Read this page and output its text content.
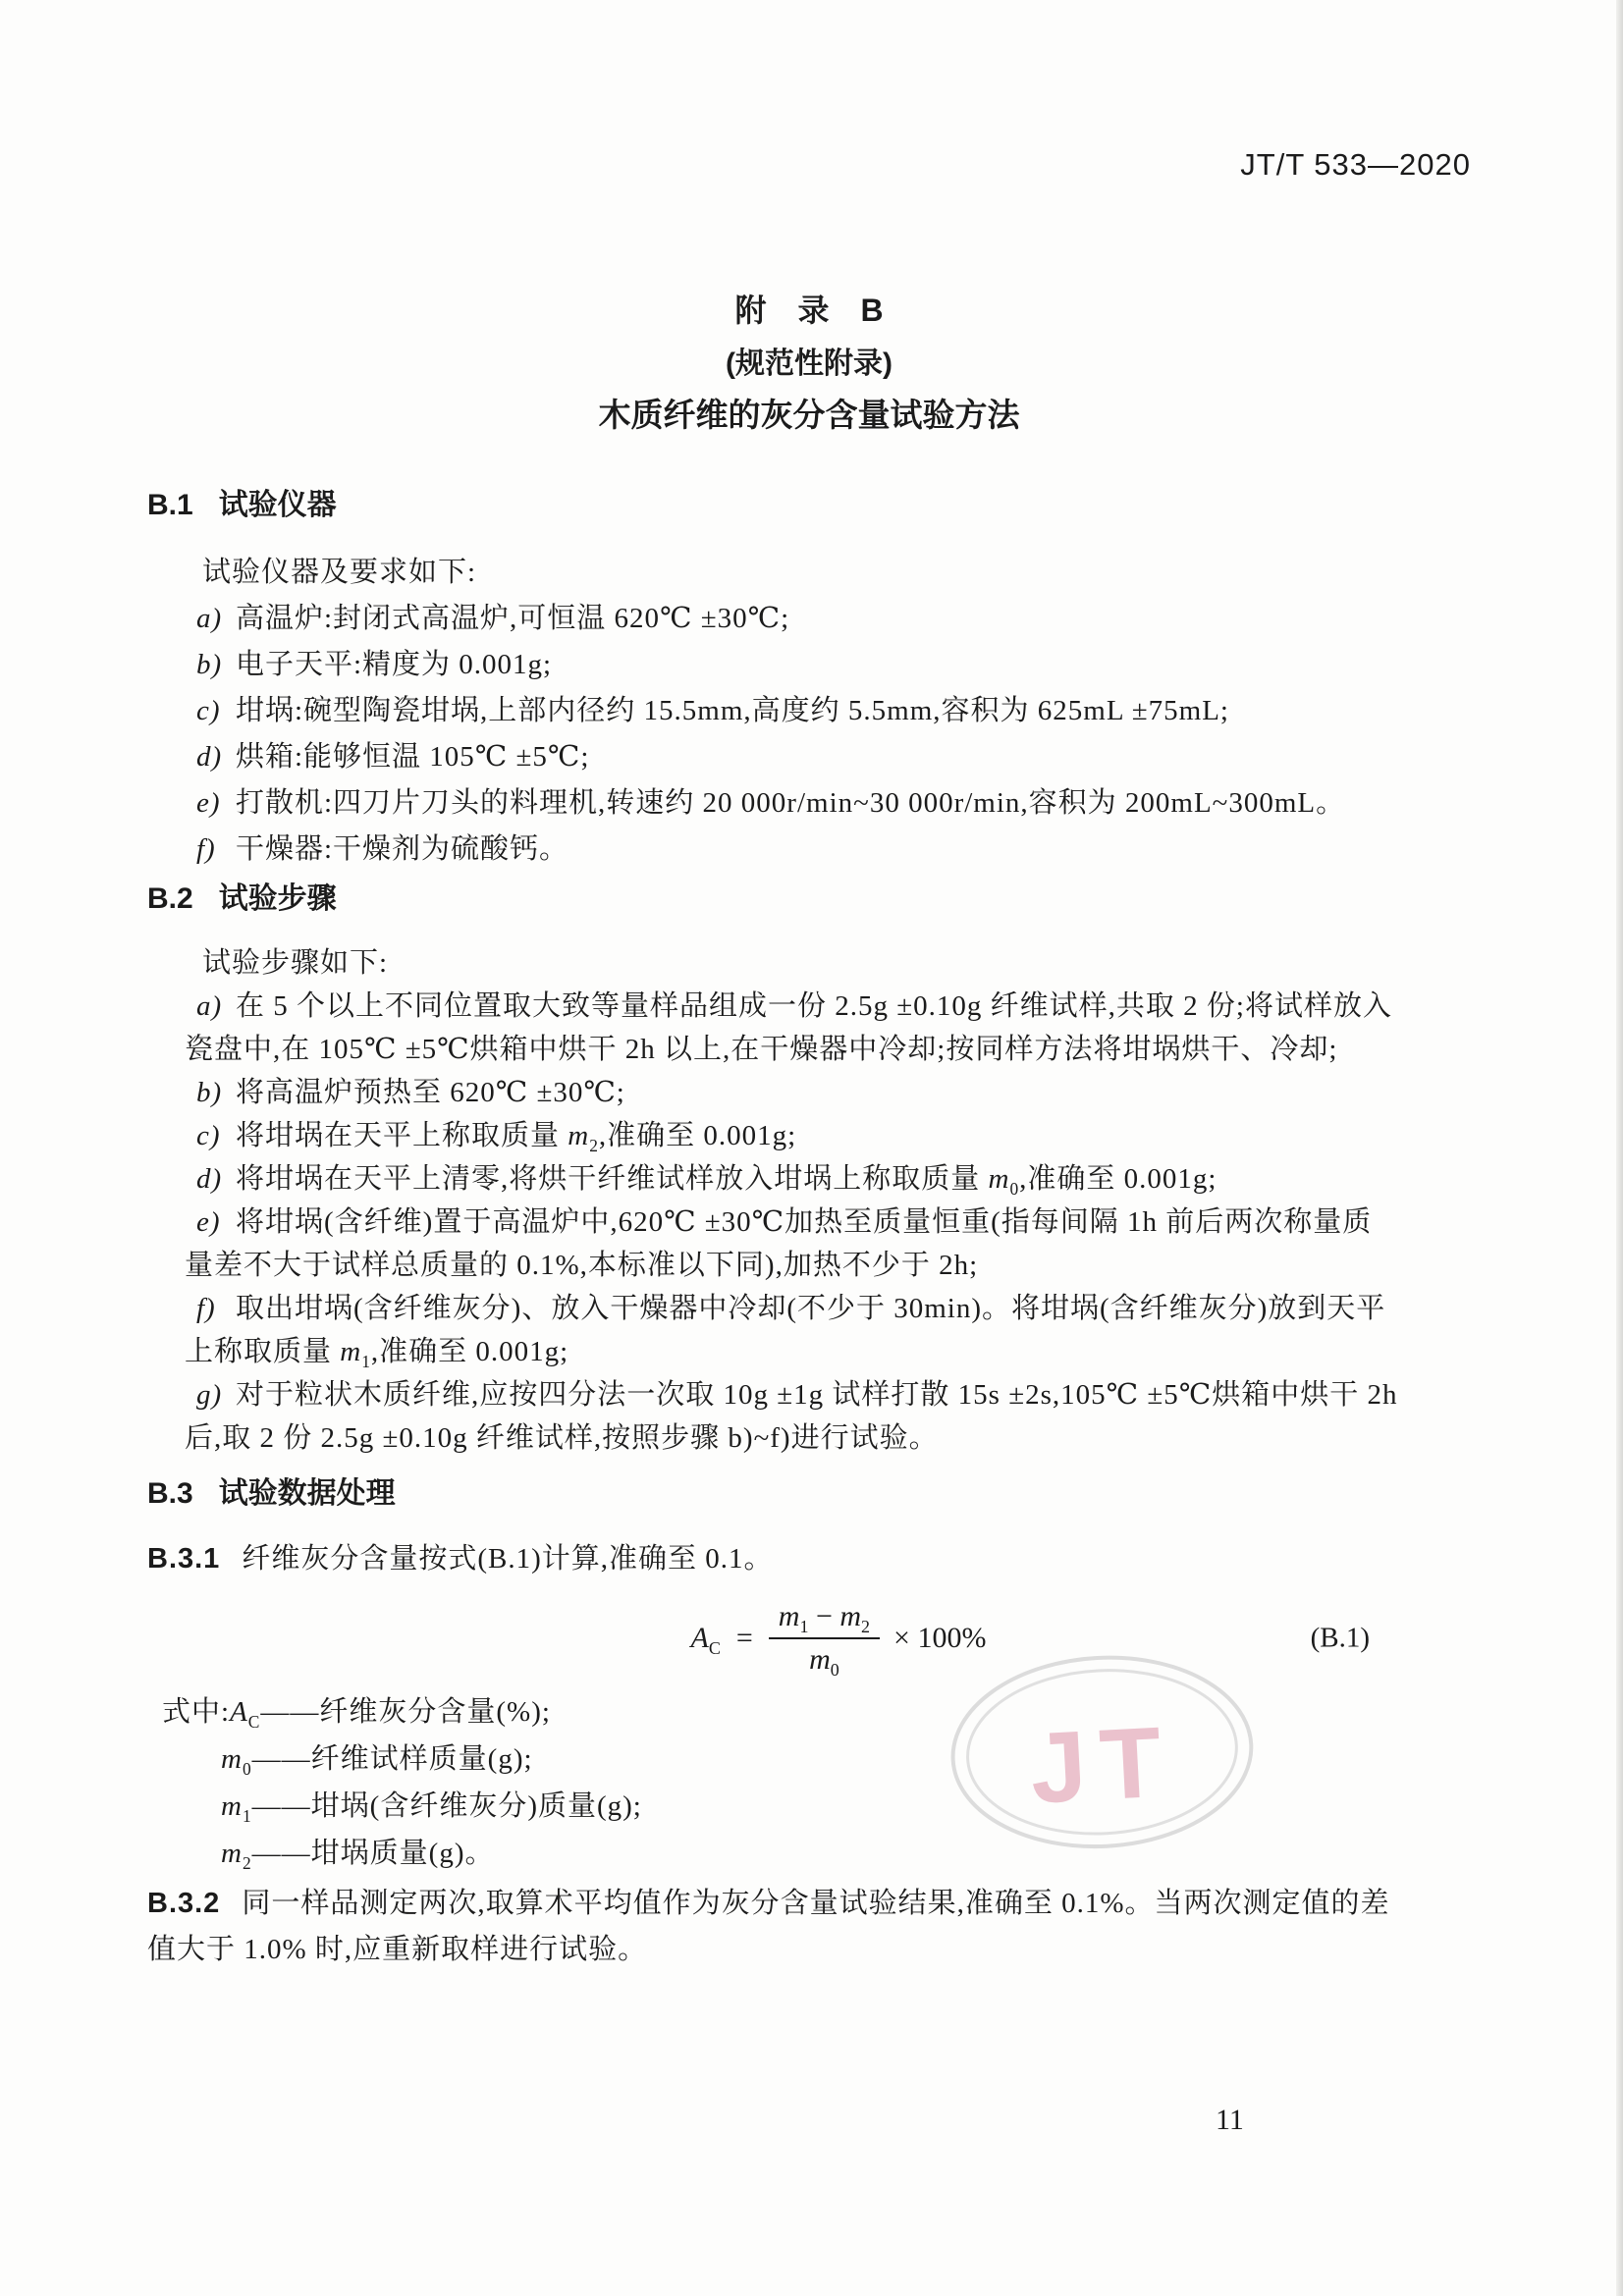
JT
JT/T 533—2020
附　录　B
(规范性附录)
木质纤维的灰分含量试验方法
B.1 试验仪器
试验仪器及要求如下:
a) 高温炉:封闭式高温炉,可恒温 620℃ ±30℃;
b) 电子天平:精度为 0.001g;
c) 坩埚:碗型陶瓷坩埚,上部内径约 15.5mm,高度约 5.5mm,容积为 625mL ±75mL;
d) 烘箱:能够恒温 105℃ ±5℃;
e) 打散机:四刀片刀头的料理机,转速约 20 000r/min~30 000r/min,容积为 200mL~300mL。
f) 干燥器:干燥剂为硫酸钙。
B.2 试验步骤
试验步骤如下:
a) 在 5 个以上不同位置取大致等量样品组成一份 2.5g ±0.10g 纤维试样,共取 2 份;将试样放入
瓷盘中,在 105℃ ±5℃烘箱中烘干 2h 以上,在干燥器中冷却;按同样方法将坩埚烘干、冷却;
b) 将高温炉预热至 620℃ ±30℃;
c) 将坩埚在天平上称取质量 $m_2$,准确至 0.001g;
d) 将坩埚在天平上清零,将烘干纤维试样放入坩埚上称取质量 $m_0$,准确至 0.001g;
e) 将坩埚(含纤维)置于高温炉中,620℃ ±30℃加热至质量恒重(指每间隔 1h 前后两次称量质
量差不大于试样总质量的 0.1%,本标准以下同),加热不少于 2h;
f) 取出坩埚(含纤维灰分)、放入干燥器中冷却(不少于 30min)。将坩埚(含纤维灰分)放到天平
上称取质量 $m_1$,准确至 0.001g;
g) 对于粒状木质纤维,应按四分法一次取 10g ±1g 试样打散 15s ±2s,105℃ ±5℃烘箱中烘干 2h
后,取 2 份 2.5g ±0.10g 纤维试样,按照步骤 b)~f)进行试验。
B.3 试验数据处理
B.3.1 纤维灰分含量按式(B.1)计算,准确至 0.1。
$A_C = \frac{m_1 - m_2}{m_0} \times 100\%$	(B.1)
式中$:A_C——$纤维灰分含量(%);
$m_0——$纤维试样质量(g);
$m_1——$坩埚(含纤维灰分)质量(g);
$m_2——$坩埚质量(g)。
B.3.2 同一样品测定两次,取算术平均值作为灰分含量试验结果,准确至 0.1%。当两次测定值的差
值大于 1.0% 时,应重新取样进行试验。
11
